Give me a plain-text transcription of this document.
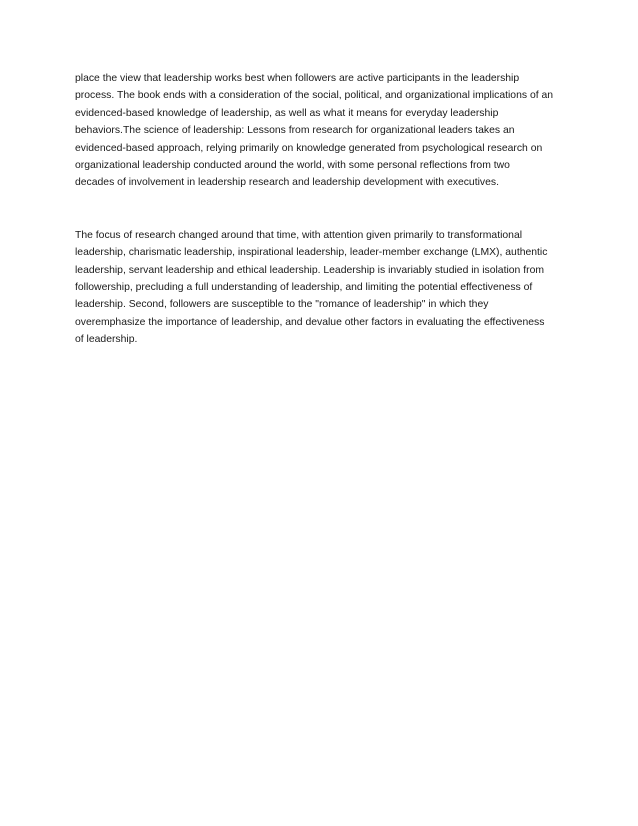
place the view that leadership works best when followers are active participants in the leadership
process. The book ends with a consideration of the social, political, and organizational implications of an
evidenced-based knowledge of leadership, as well as what it means for everyday leadership
behaviors.The science of leadership: Lessons from research for organizational leaders takes an
evidenced-based approach, relying primarily on knowledge generated from psychological research on
organizational leadership conducted around the world, with some personal reflections from two
decades of involvement in leadership research and leadership development with executives.

The focus of research changed around that time, with attention given primarily to transformational
leadership, charismatic leadership, inspirational leadership, leader-member exchange (LMX), authentic
leadership, servant leadership and ethical leadership. Leadership is invariably studied in isolation from
followership, precluding a full understanding of leadership, and limiting the potential effectiveness of
leadership. Second, followers are susceptible to the "romance of leadership" in which they
overemphasize the importance of leadership, and devalue other factors in evaluating the effectiveness
of leadership.
